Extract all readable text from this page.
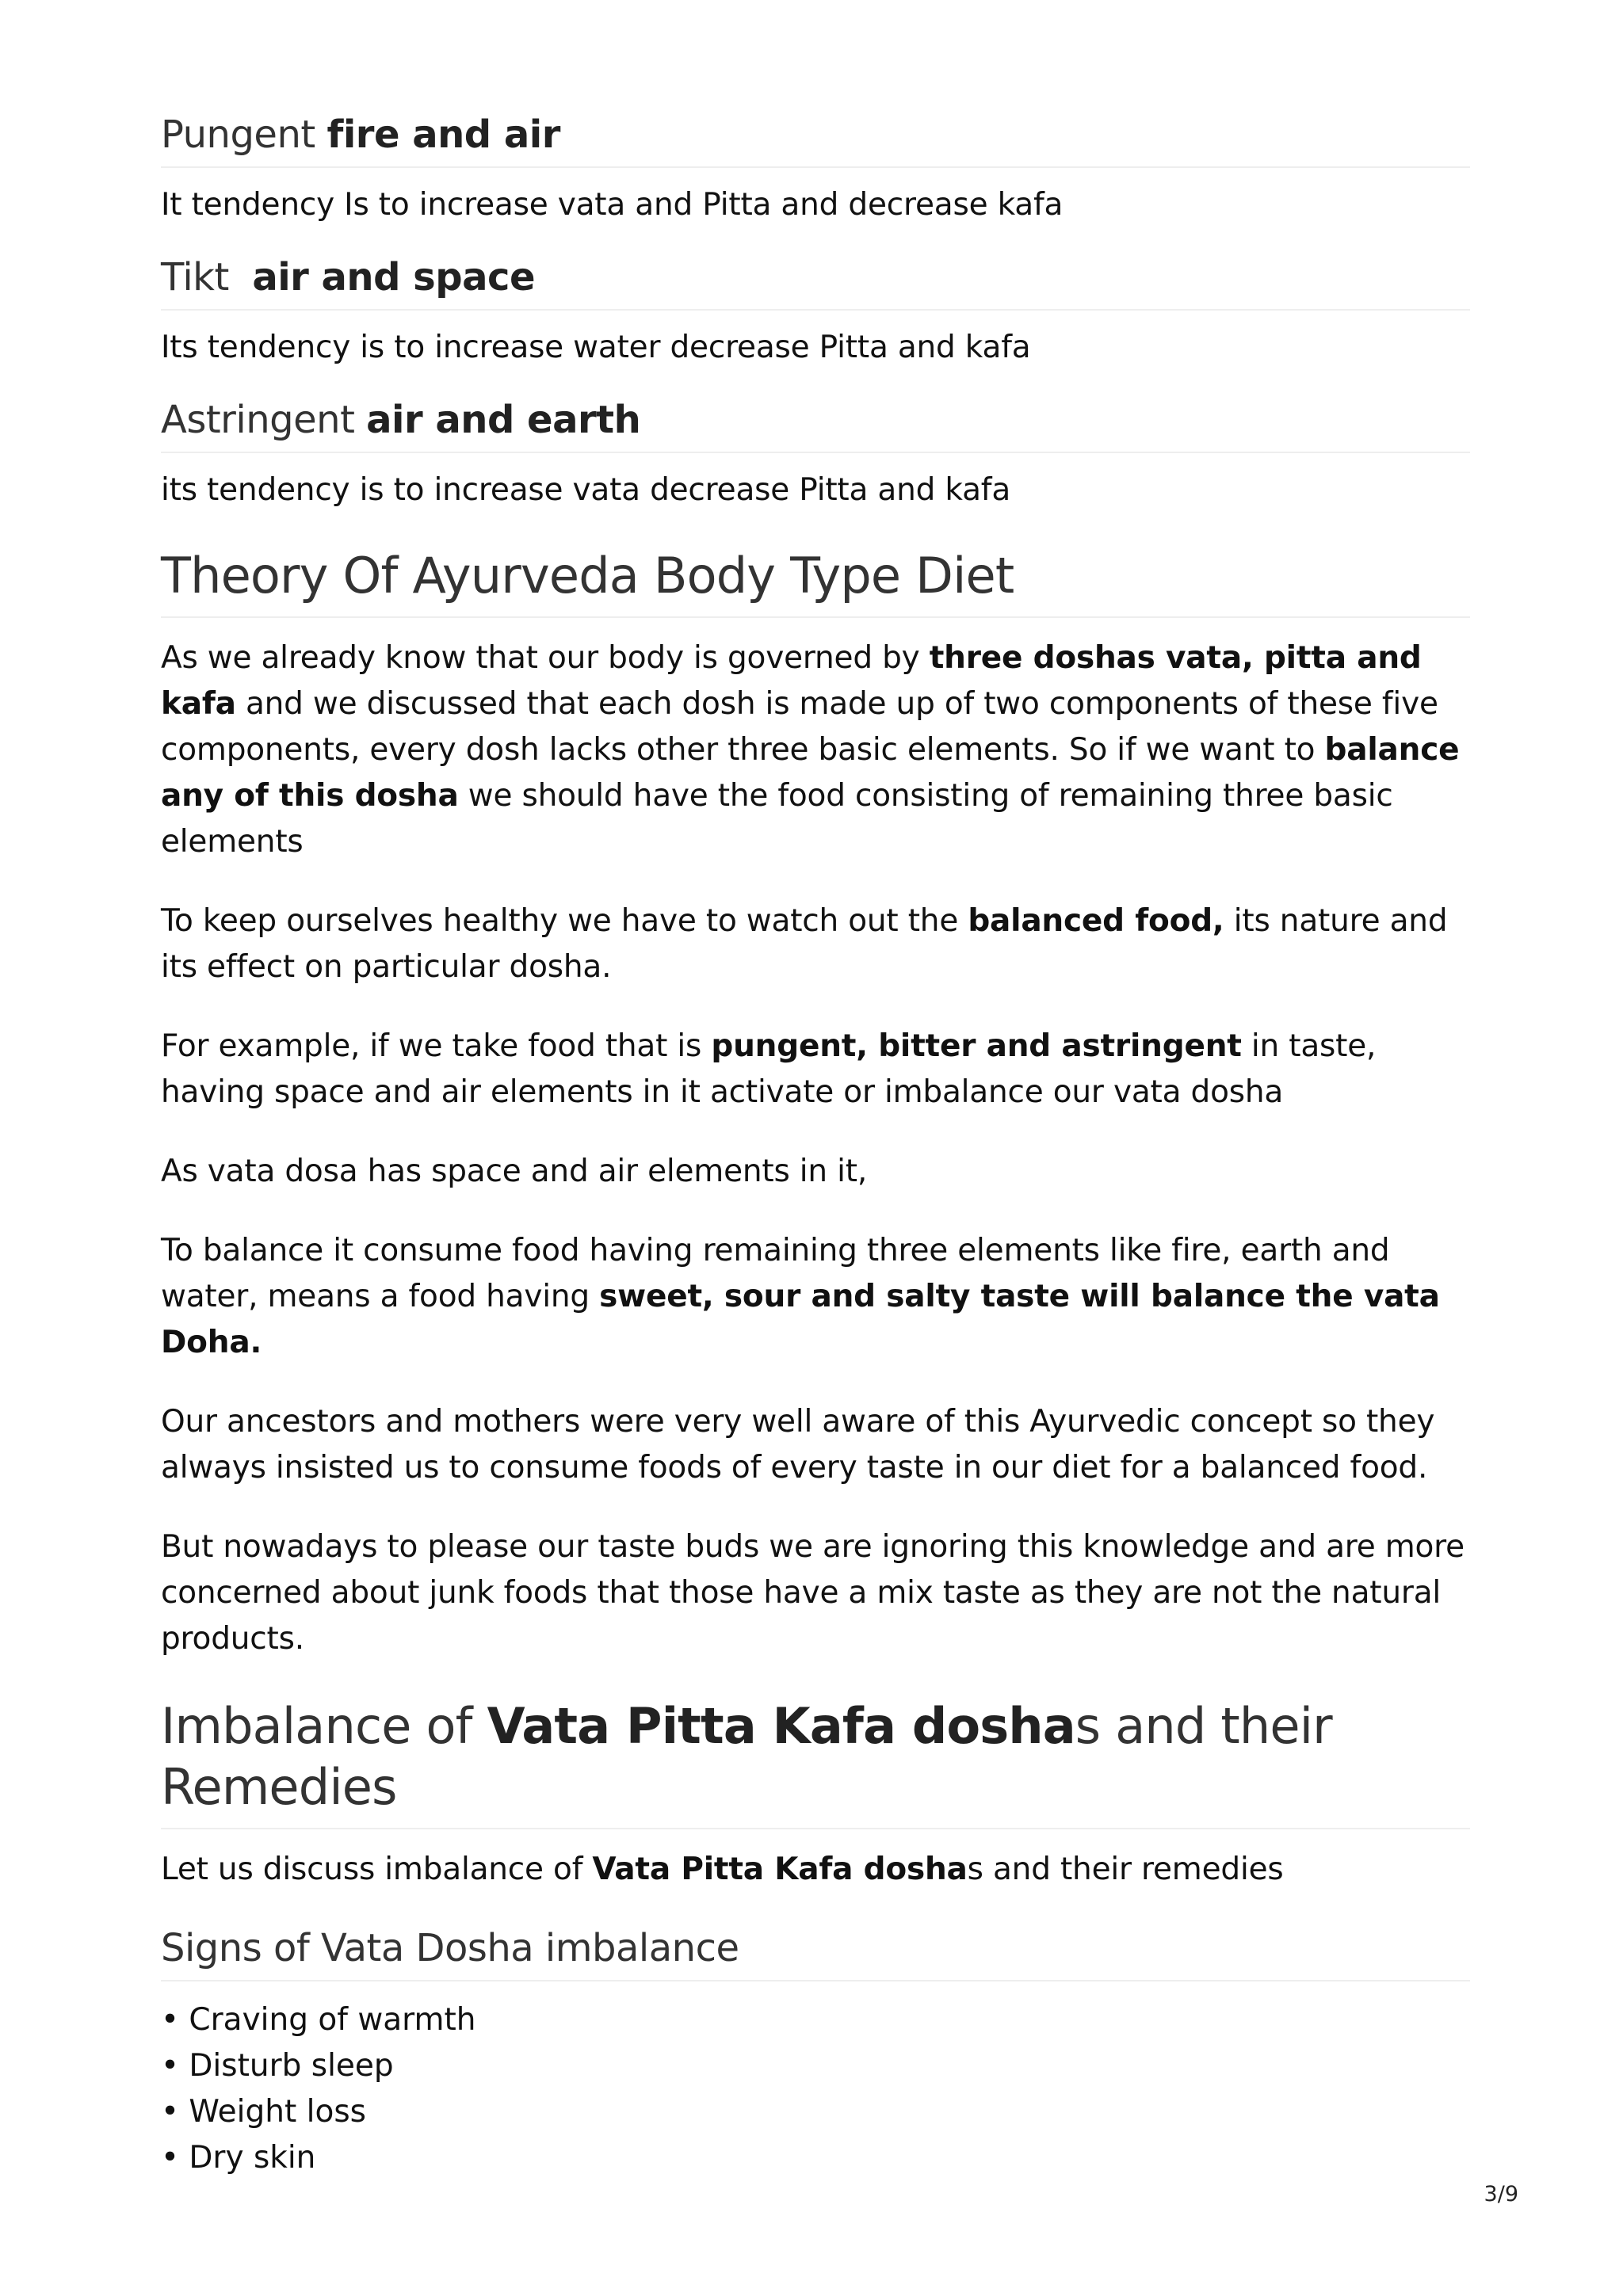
Pungent fire and air

It tendency Is to increase vata and Pitta and decrease kafa

Tikt  air and space

Its tendency is to increase water decrease Pitta and kafa

Astringent air and earth

its tendency is to increase vata decrease Pitta and kafa

Theory Of Ayurveda Body Type Diet

As we already know that our body is governed by three doshas vata, pitta and kafa and we discussed that each dosh is made up of two components of these five components, every dosh lacks other three basic elements. So if we want to balance any of this dosha we should have the food consisting of remaining three basic elements

To keep ourselves healthy we have to watch out the balanced food, its nature and its effect on particular dosha.

For example, if we take food that is pungent, bitter and astringent in taste, having space and air elements in it activate or imbalance our vata dosha

As vata dosa has space and air elements in it,

To balance it consume food having remaining three elements like fire, earth and water, means a food having sweet, sour and salty taste will balance the vata Doha.

Our ancestors and mothers were very well aware of this Ayurvedic concept so they always insisted us to consume foods of every taste in our diet for a balanced food.

But nowadays to please our taste buds we are ignoring this knowledge and are more concerned about junk foods that those have a mix taste as they are not the natural products.

Imbalance of Vata Pitta Kafa doshas and their Remedies

Let us discuss imbalance of Vata Pitta Kafa doshas and their remedies

Signs of Vata Dosha imbalance
• Craving of warmth
• Disturb sleep
• Weight loss
• Dry skin
3/9
